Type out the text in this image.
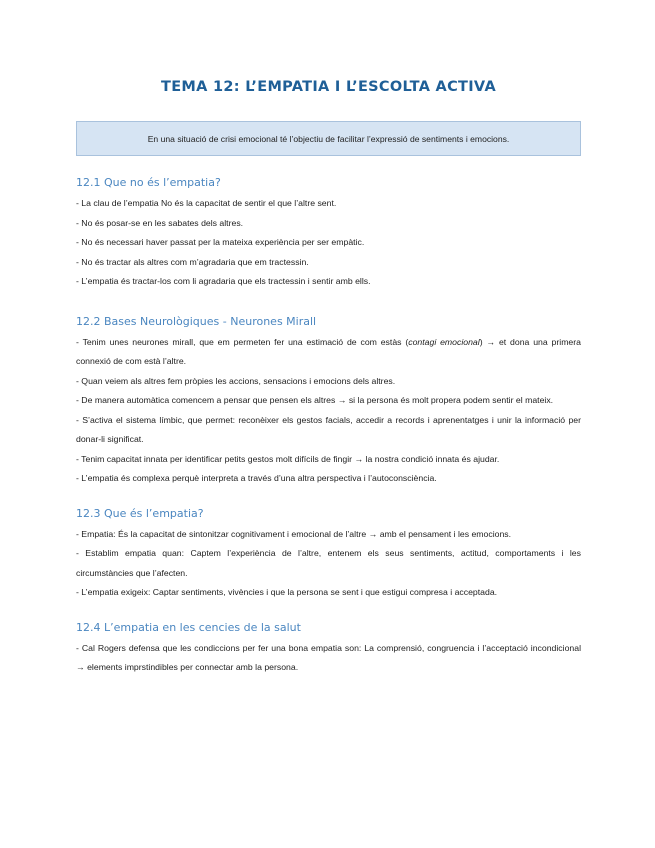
TEMA 12: L’EMPATIA I L’ESCOLTA ACTIVA
En una situació de crisi emocional té l’objectiu de facilitar l’expressió de sentiments i emocions.
12.1 Que no és l’empatia?

- La clau de l’empatia No és la capacitat de sentir el que l’altre sent.

- No és posar-se en les sabates dels altres.

- No és necessari haver passat per la mateixa experiència per ser empàtic.

- No és tractar als altres com m’agradaria que em tractessin.

- L’empatia és tractar-los com li agradaria que els tractessin i sentir amb ells.

12.2 Bases Neurològiques - Neurones Mirall

- Tenim unes neurones mirall, que em permeten fer una estimació de com estàs (contagi emocional) → et dona una primera connexió de com està l’altre.

- Quan veiem als altres fem pròpies les accions, sensacions i emocions dels altres.

- De manera automàtica comencem a pensar que pensen els altres → si la persona és molt propera podem sentir el mateix.

- S’activa el sistema límbic, que permet: reconèixer els gestos facials, accedir a records i aprenentatges i unir la informació per donar-li significat.

- Tenim capacitat innata per identificar petits gestos molt difícils de fingir → la nostra condició innata és ajudar.

- L’empatia és complexa perquè interpreta a través d’una altra perspectiva i l’autoconsciència.

12.3 Que és l’empatia?

- Empatia: És la capacitat de sintonitzar cognitivament i emocional de l’altre → amb el pensament i les emocions.

- Establim empatia quan: Captem l’experiència de l’altre, entenem els seus sentiments, actitud, comportaments i les circumstàncies que l’afecten.

- L’empatia exigeix: Captar sentiments, vivències i que la persona se sent i que estigui compresa i acceptada.

12.4 L’empatia en les cencies de la salut

- Cal Rogers defensa que les condiccions per fer una bona empatia son: La comprensió, congruencia i l’acceptació incondicional → elements imprstindibles per connectar amb la persona.
